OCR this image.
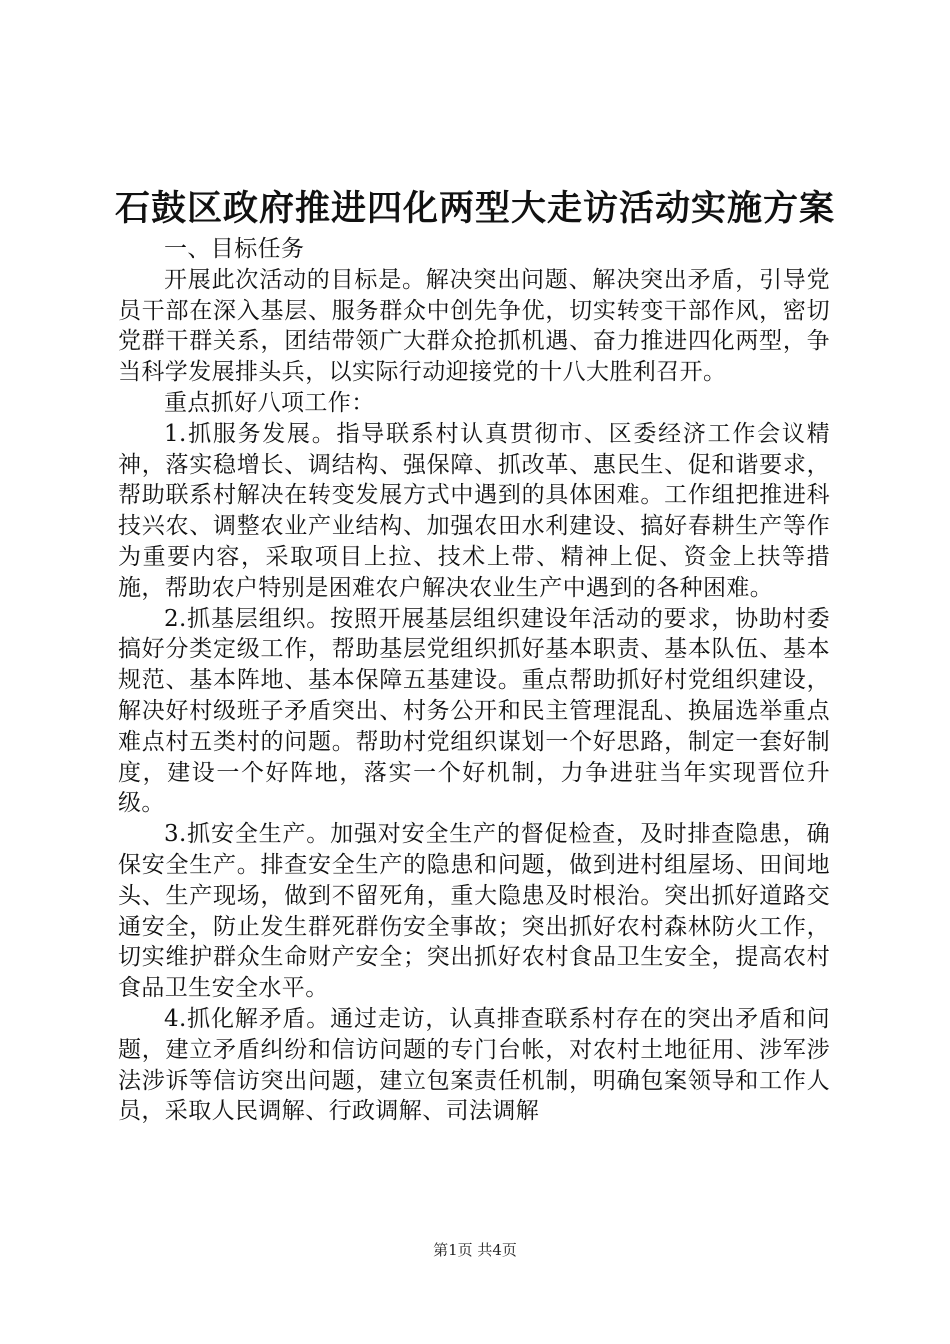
石鼓区政府推进四化两型大走访活动实施方案

一、目标任务

开展此次活动的目标是。解决突出问题、解决突出矛盾，引导党员干部在深入基层、服务群众中创先争优，切实转变干部作风，密切党群干群关系，团结带领广大群众抢抓机遇、奋力推进四化两型，争当科学发展排头兵，以实际行动迎接党的十八大胜利召开。

重点抓好八项工作：

1.抓服务发展。指导联系村认真贯彻市、区委经济工作会议精神，落实稳增长、调结构、强保障、抓改革、惠民生、促和谐要求，帮助联系村解决在转变发展方式中遇到的具体困难。工作组把推进科技兴农、调整农业产业结构、加强农田水利建设、搞好春耕生产等作为重要内容，采取项目上拉、技术上带、精神上促、资金上扶等措施，帮助农户特别是困难农户解决农业生产中遇到的各种困难。

2.抓基层组织。按照开展基层组织建设年活动的要求，协助村委搞好分类定级工作，帮助基层党组织抓好基本职责、基本队伍、基本规范、基本阵地、基本保障五基建设。重点帮助抓好村党组织建设，解决好村级班子矛盾突出、村务公开和民主管理混乱、换届选举重点难点村五类村的问题。帮助村党组织谋划一个好思路，制定一套好制度，建设一个好阵地，落实一个好机制，力争进驻当年实现晋位升级。

3.抓安全生产。加强对安全生产的督促检查，及时排查隐患，确保安全生产。排查安全生产的隐患和问题，做到进村组屋场、田间地头、生产现场，做到不留死角，重大隐患及时根治。突出抓好道路交通安全，防止发生群死群伤安全事故；突出抓好农村森林防火工作，切实维护群众生命财产安全；突出抓好农村食品卫生安全，提高农村食品卫生安全水平。

4.抓化解矛盾。通过走访，认真排查联系村存在的突出矛盾和问题，建立矛盾纠纷和信访问题的专门台帐，对农村土地征用、涉军涉法涉诉等信访突出问题，建立包案责任机制，明确包案领导和工作人员，采取人民调解、行政调解、司法调解

第1页 共4页
